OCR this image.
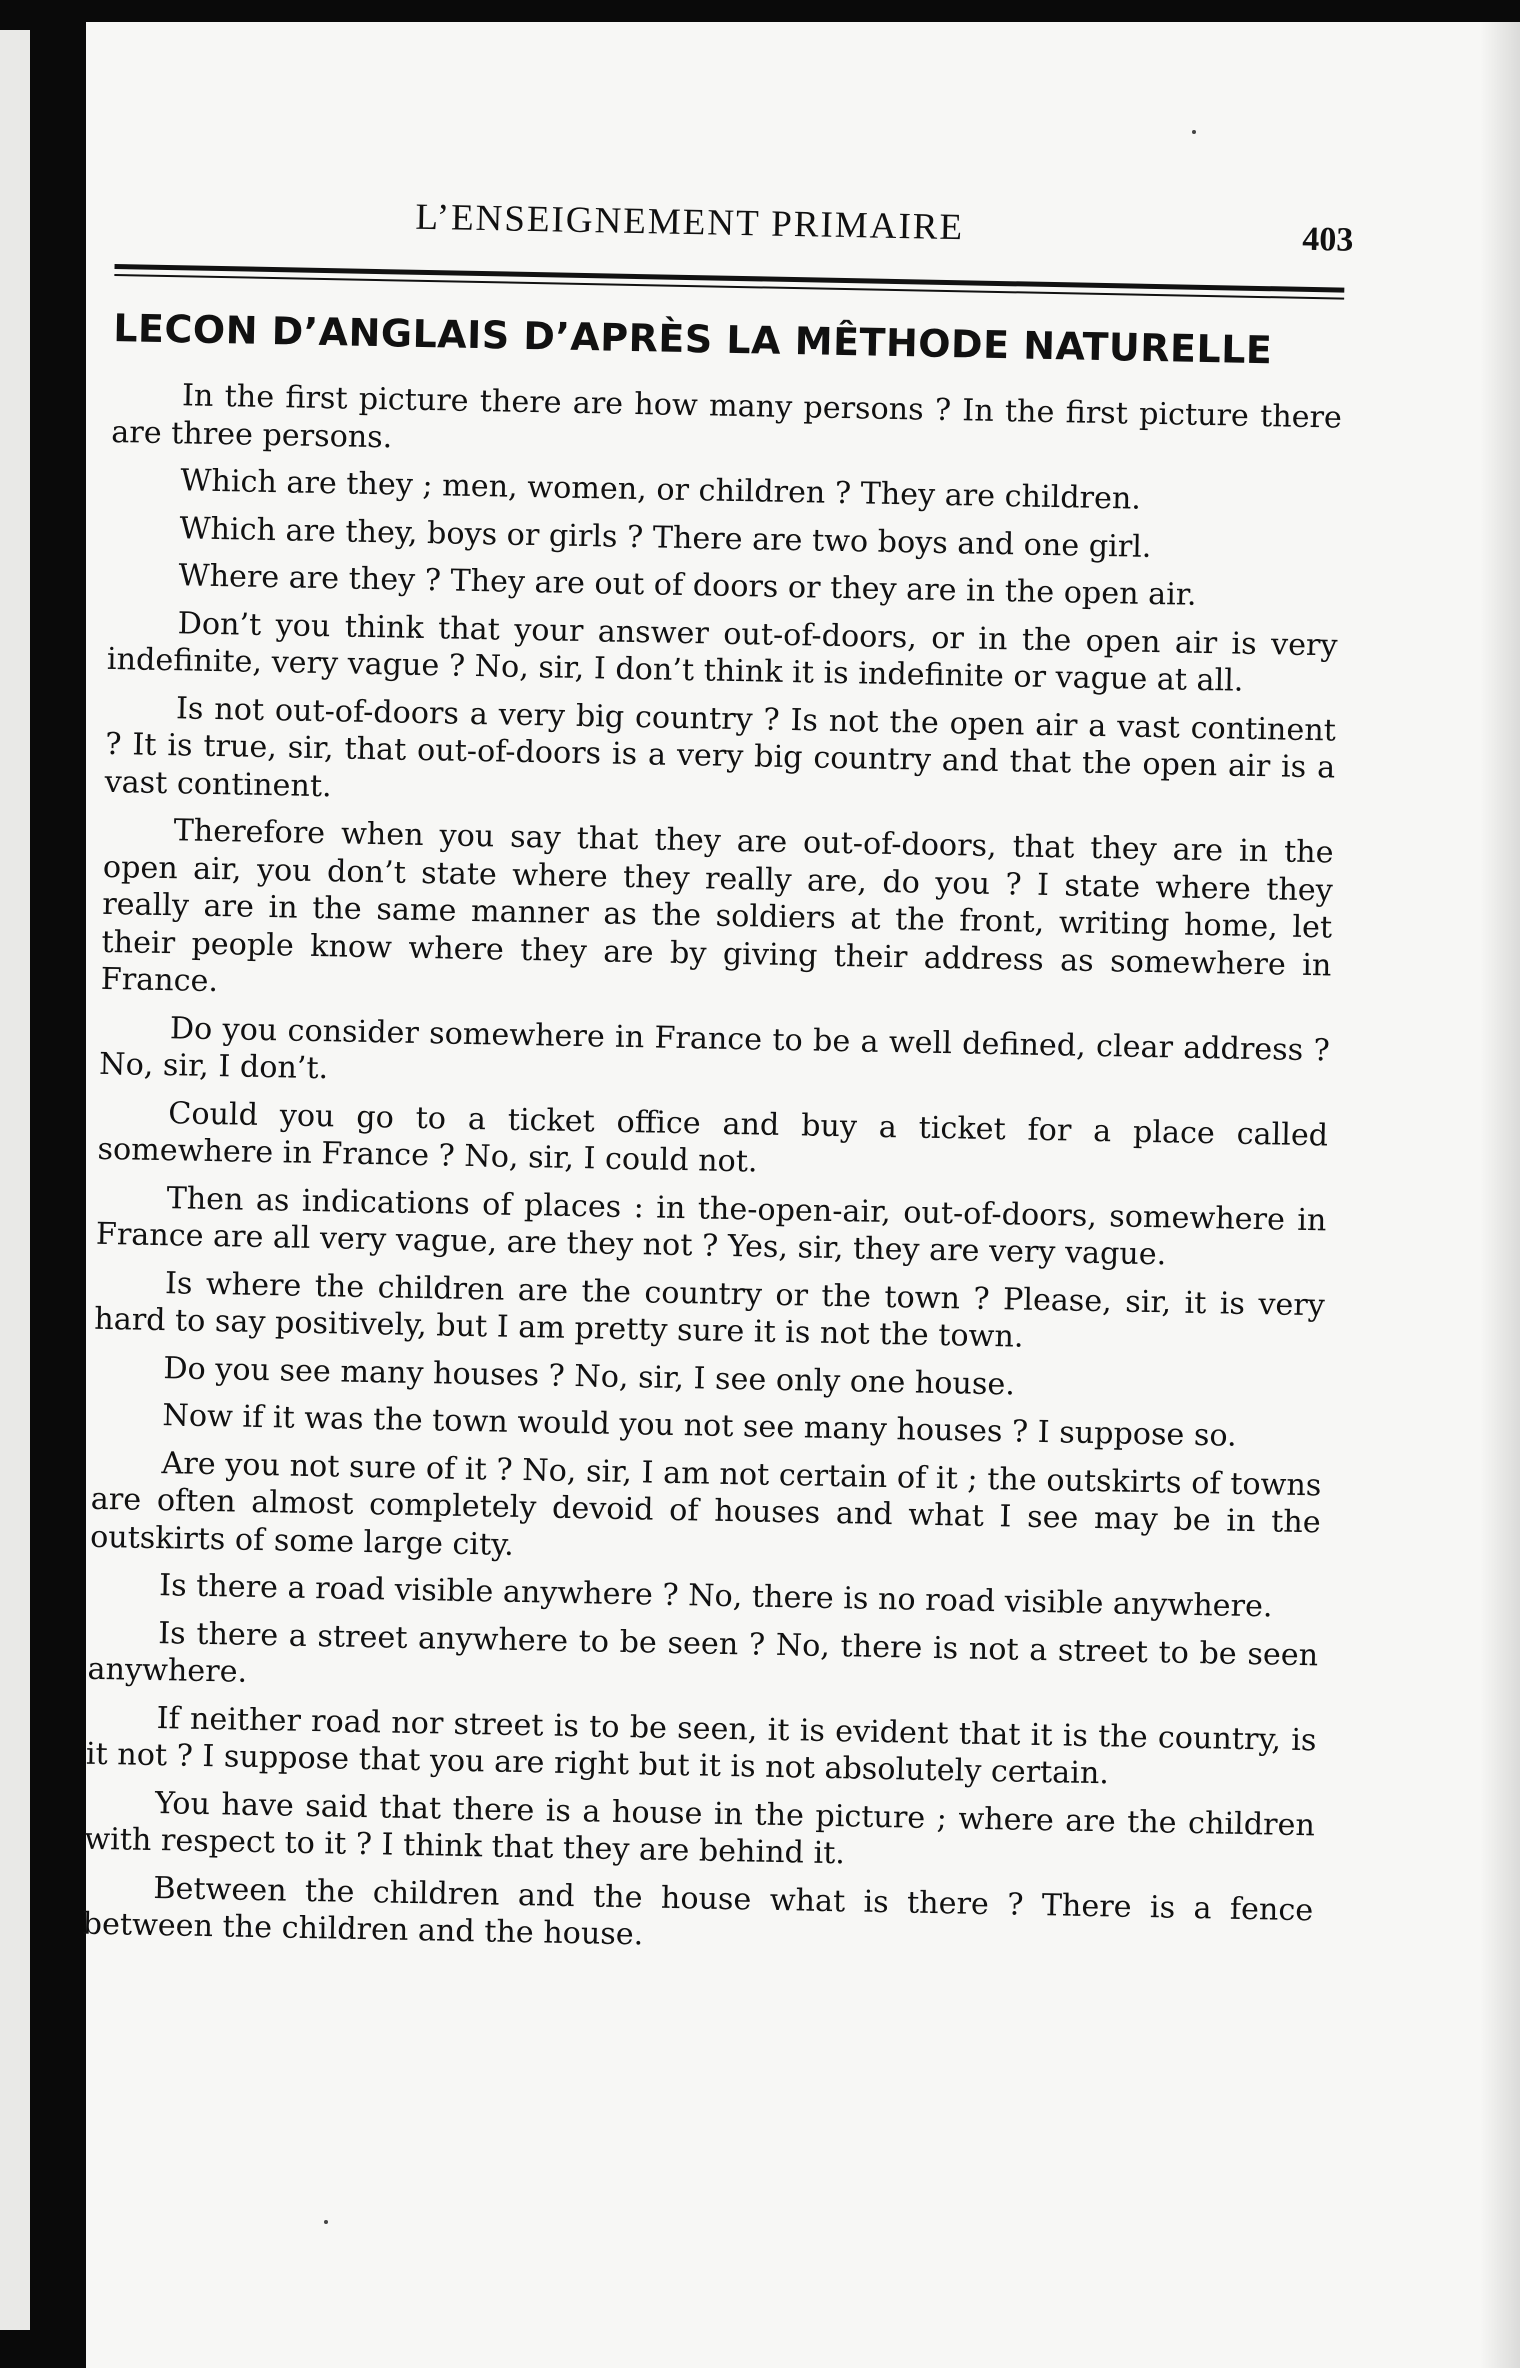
L’ENSEIGNEMENT PRIMAIRE	403
LECON D’ANGLAIS D’APRÈS LA MÊTHODE NATURELLE

In the first picture there are how many persons ? In the first picture there are three persons.

Which are they ; men, women, or children ? They are children.

Which are they, boys or girls ? There are two boys and one girl.

Where are they ? They are out of doors or they are in the open air.

Don’t you think that your answer out-of-doors, or in the open air is very indefinite, very vague ? No, sir, I don’t think it is indefinite or vague at all.

Is not out-of-doors a very big country ? Is not the open air a vast continent ? It is true, sir, that out-of-doors is a very big country and that the open air is a vast continent.

Therefore when you say that they are out-of-doors, that they are in the open air, you don’t state where they really are, do you ? I state where they really are in the same manner as the soldiers at the front, writing home, let their people know where they are by giving their address as somewhere in France.

Do you consider somewhere in France to be a well defined, clear address ? No, sir, I don’t.

Could you go to a ticket office and buy a ticket for a place called somewhere in France ? No, sir, I could not.

Then as indications of places : in the-open-air, out-of-doors, somewhere in France are all very vague, are they not ? Yes, sir, they are very vague.

Is where the children are the country or the town ? Please, sir, it is very hard to say positively, but I am pretty sure it is not the town.

Do you see many houses ? No, sir, I see only one house.

Now if it was the town would you not see many houses ? I suppose so.

Are you not sure of it ? No, sir, I am not certain of it ; the outskirts of towns are often almost completely devoid of houses and what I see may be in the outskirts of some large city.

Is there a road visible anywhere ? No, there is no road visible anywhere.

Is there a street anywhere to be seen ? No, there is not a street to be seen anywhere.

If neither road nor street is to be seen, it is evident that it is the country, is it not ? I suppose that you are right but it is not absolutely certain.

You have said that there is a house in the picture ; where are the children with respect to it ? I think that they are behind it.

Between the children and the house what is there ? There is a fence between the children and the house.
